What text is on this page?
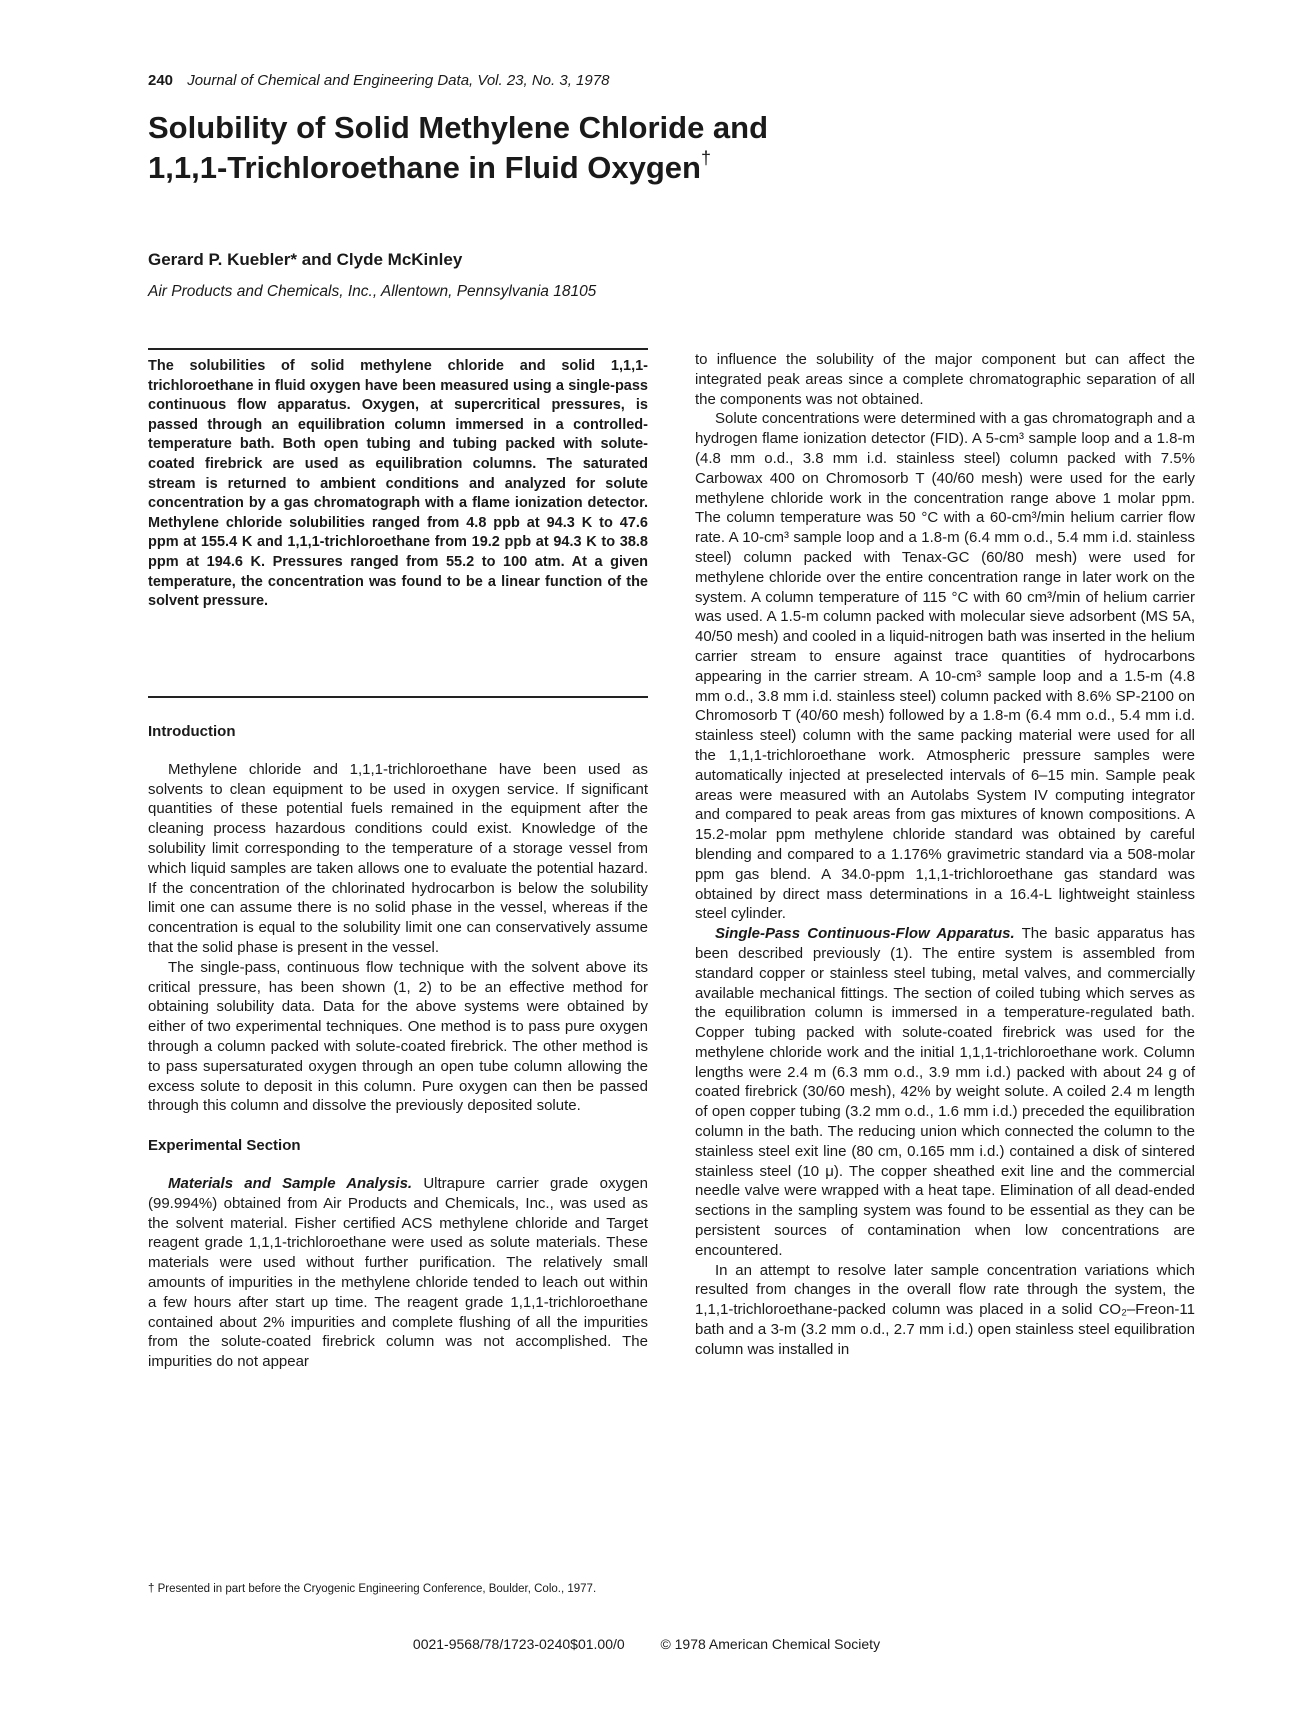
240 Journal of Chemical and Engineering Data, Vol. 23, No. 3, 1978
Solubility of Solid Methylene Chloride and
1,1,1-Trichloroethane in Fluid Oxygen†
Gerard P. Kuebler* and Clyde McKinley
Air Products and Chemicals, Inc., Allentown, Pennsylvania 18105

The solubilities of solid methylene chloride and solid 1,1,1-trichloroethane in fluid oxygen have been measured using a single-pass continuous flow apparatus. Oxygen, at supercritical pressures, is passed through an equilibration column immersed in a controlled-temperature bath. Both open tubing and tubing packed with solute-coated firebrick are used as equilibration columns. The saturated stream is returned to ambient conditions and analyzed for solute concentration by a gas chromatograph with a flame ionization detector. Methylene chloride solubilities ranged from 4.8 ppb at 94.3 K to 47.6 ppm at 155.4 K and 1,1,1-trichloroethane from 19.2 ppb at 94.3 K to 38.8 ppm at 194.6 K. Pressures ranged from 55.2 to 100 atm. At a given temperature, the concentration was found to be a linear function of the solvent pressure.

Introduction

Methylene chloride and 1,1,1-trichloroethane have been used as solvents to clean equipment to be used in oxygen service. If significant quantities of these potential fuels remained in the equipment after the cleaning process hazardous conditions could exist. Knowledge of the solubility limit corresponding to the temperature of a storage vessel from which liquid samples are taken allows one to evaluate the potential hazard. If the concentration of the chlorinated hydrocarbon is below the solubility limit one can assume there is no solid phase in the vessel, whereas if the concentration is equal to the solubility limit one can conservatively assume that the solid phase is present in the vessel.

The single-pass, continuous flow technique with the solvent above its critical pressure, has been shown (1, 2) to be an effective method for obtaining solubility data. Data for the above systems were obtained by either of two experimental techniques. One method is to pass pure oxygen through a column packed with solute-coated firebrick. The other method is to pass supersaturated oxygen through an open tube column allowing the excess solute to deposit in this column. Pure oxygen can then be passed through this column and dissolve the previously deposited solute.

Experimental Section

Materials and Sample Analysis. Ultrapure carrier grade oxygen (99.994%) obtained from Air Products and Chemicals, Inc., was used as the solvent material. Fisher certified ACS methylene chloride and Target reagent grade 1,1,1-trichloroethane were used as solute materials. These materials were used without further purification. The relatively small amounts of impurities in the methylene chloride tended to leach out within a few hours after start up time. The reagent grade 1,1,1-trichloroethane contained about 2% impurities and complete flushing of all the impurities from the solute-coated firebrick column was not accomplished. The impurities do not appear

to influence the solubility of the major component but can affect the integrated peak areas since a complete chromatographic separation of all the components was not obtained.

Solute concentrations were determined with a gas chromatograph and a hydrogen flame ionization detector (FID). A 5-cm³ sample loop and a 1.8-m (4.8 mm o.d., 3.8 mm i.d. stainless steel) column packed with 7.5% Carbowax 400 on Chromosorb T (40/60 mesh) were used for the early methylene chloride work in the concentration range above 1 molar ppm. The column temperature was 50 °C with a 60-cm³/min helium carrier flow rate. A 10-cm³ sample loop and a 1.8-m (6.4 mm o.d., 5.4 mm i.d. stainless steel) column packed with Tenax-GC (60/80 mesh) were used for methylene chloride over the entire concentration range in later work on the system. A column temperature of 115 °C with 60 cm³/min of helium carrier was used. A 1.5-m column packed with molecular sieve adsorbent (MS 5A, 40/50 mesh) and cooled in a liquid-nitrogen bath was inserted in the helium carrier stream to ensure against trace quantities of hydrocarbons appearing in the carrier stream. A 10-cm³ sample loop and a 1.5-m (4.8 mm o.d., 3.8 mm i.d. stainless steel) column packed with 8.6% SP-2100 on Chromosorb T (40/60 mesh) followed by a 1.8-m (6.4 mm o.d., 5.4 mm i.d. stainless steel) column with the same packing material were used for all the 1,1,1-trichloroethane work. Atmospheric pressure samples were automatically injected at preselected intervals of 6–15 min. Sample peak areas were measured with an Autolabs System IV computing integrator and compared to peak areas from gas mixtures of known compositions. A 15.2-molar ppm methylene chloride standard was obtained by careful blending and compared to a 1.176% gravimetric standard via a 508-molar ppm gas blend. A 34.0-ppm 1,1,1-trichloroethane gas standard was obtained by direct mass determinations in a 16.4-L lightweight stainless steel cylinder.

Single-Pass Continuous-Flow Apparatus. The basic apparatus has been described previously (1). The entire system is assembled from standard copper or stainless steel tubing, metal valves, and commercially available mechanical fittings. The section of coiled tubing which serves as the equilibration column is immersed in a temperature-regulated bath. Copper tubing packed with solute-coated firebrick was used for the methylene chloride work and the initial 1,1,1-trichloroethane work. Column lengths were 2.4 m (6.3 mm o.d., 3.9 mm i.d.) packed with about 24 g of coated firebrick (30/60 mesh), 42% by weight solute. A coiled 2.4 m length of open copper tubing (3.2 mm o.d., 1.6 mm i.d.) preceded the equilibration column in the bath. The reducing union which connected the column to the stainless steel exit line (80 cm, 0.165 mm i.d.) contained a disk of sintered stainless steel (10 μ). The copper sheathed exit line and the commercial needle valve were wrapped with a heat tape. Elimination of all dead-ended sections in the sampling system was found to be essential as they can be persistent sources of contamination when low concentrations are encountered.

In an attempt to resolve later sample concentration variations which resulted from changes in the overall flow rate through the system, the 1,1,1-trichloroethane-packed column was placed in a solid CO₂–Freon-11 bath and a 3-m (3.2 mm o.d., 2.7 mm i.d.) open stainless steel equilibration column was installed in

† Presented in part before the Cryogenic Engineering Conference, Boulder, Colo., 1977.
0021-9568/78/1723-0240$01.00/0	© 1978 American Chemical Society
